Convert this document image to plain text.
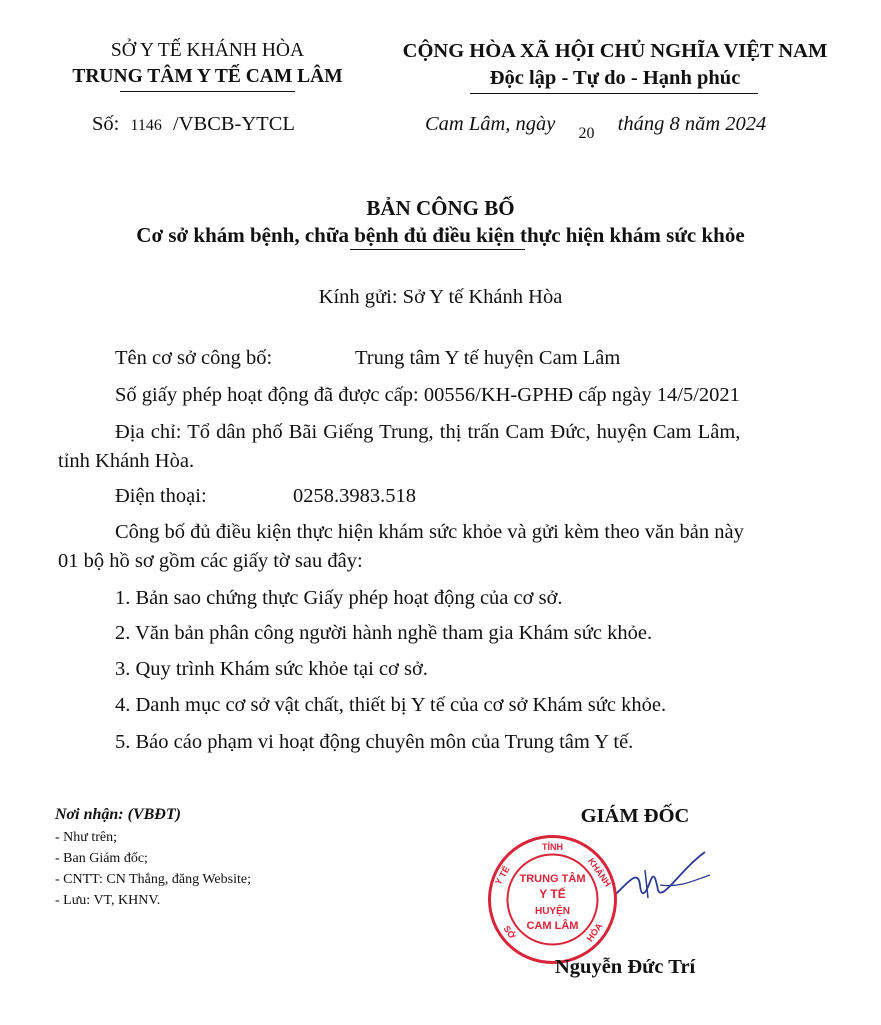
SỞ Y TẾ KHÁNH HÒA
TRUNG TÂM Y TẾ CAM LÂM
CỘNG HÒA XÃ HỘI CHỦ NGHĨA VIỆT NAM
Độc lập - Tự do - Hạnh phúc
Số: 1146 /VBCB-YTCL	Cam Lâm, ngày $_{20}$ tháng 8 năm 2024
BẢN CÔNG BỐ
Cơ sở khám bệnh, chữa bệnh đủ điều kiện thực hiện khám sức khỏe
Kính gửi: Sở Y tế Khánh Hòa
Tên cơ sở công bố:	Trung tâm Y tế huyện Cam Lâm
Số giấy phép hoạt động đã được cấp: 00556/KH-GPHĐ cấp ngày 14/5/2021
Địa chỉ: Tổ dân phố Bãi Giếng Trung, thị trấn Cam Đức, huyện Cam Lâm,
tỉnh Khánh Hòa.
Điện thoại:	0258.3983.518
Công bố đủ điều kiện thực hiện khám sức khỏe và gửi kèm theo văn bản này
01 bộ hồ sơ gồm các giấy tờ sau đây:
1. Bản sao chứng thực Giấy phép hoạt động của cơ sở.
2. Văn bản phân công người hành nghề tham gia Khám sức khỏe.
3. Quy trình Khám sức khỏe tại cơ sở.
4. Danh mục cơ sở vật chất, thiết bị Y tế của cơ sở Khám sức khỏe.
5. Báo cáo phạm vi hoạt động chuyên môn của Trung tâm Y tế.
Nơi nhận: (VBĐT)
- Như trên;
- Ban Giám đốc;
- CNTT: CN Thắng, đăng Website;
- Lưu: VT, KHNV.
GIÁM ĐỐC
TỈNH
KHÁNH
Y TẾ
SỞ	HÒA
TRUNG TÂM
Y TẾ
HUYỆN
CAM LÂM
Nguyễn Đức Trí
